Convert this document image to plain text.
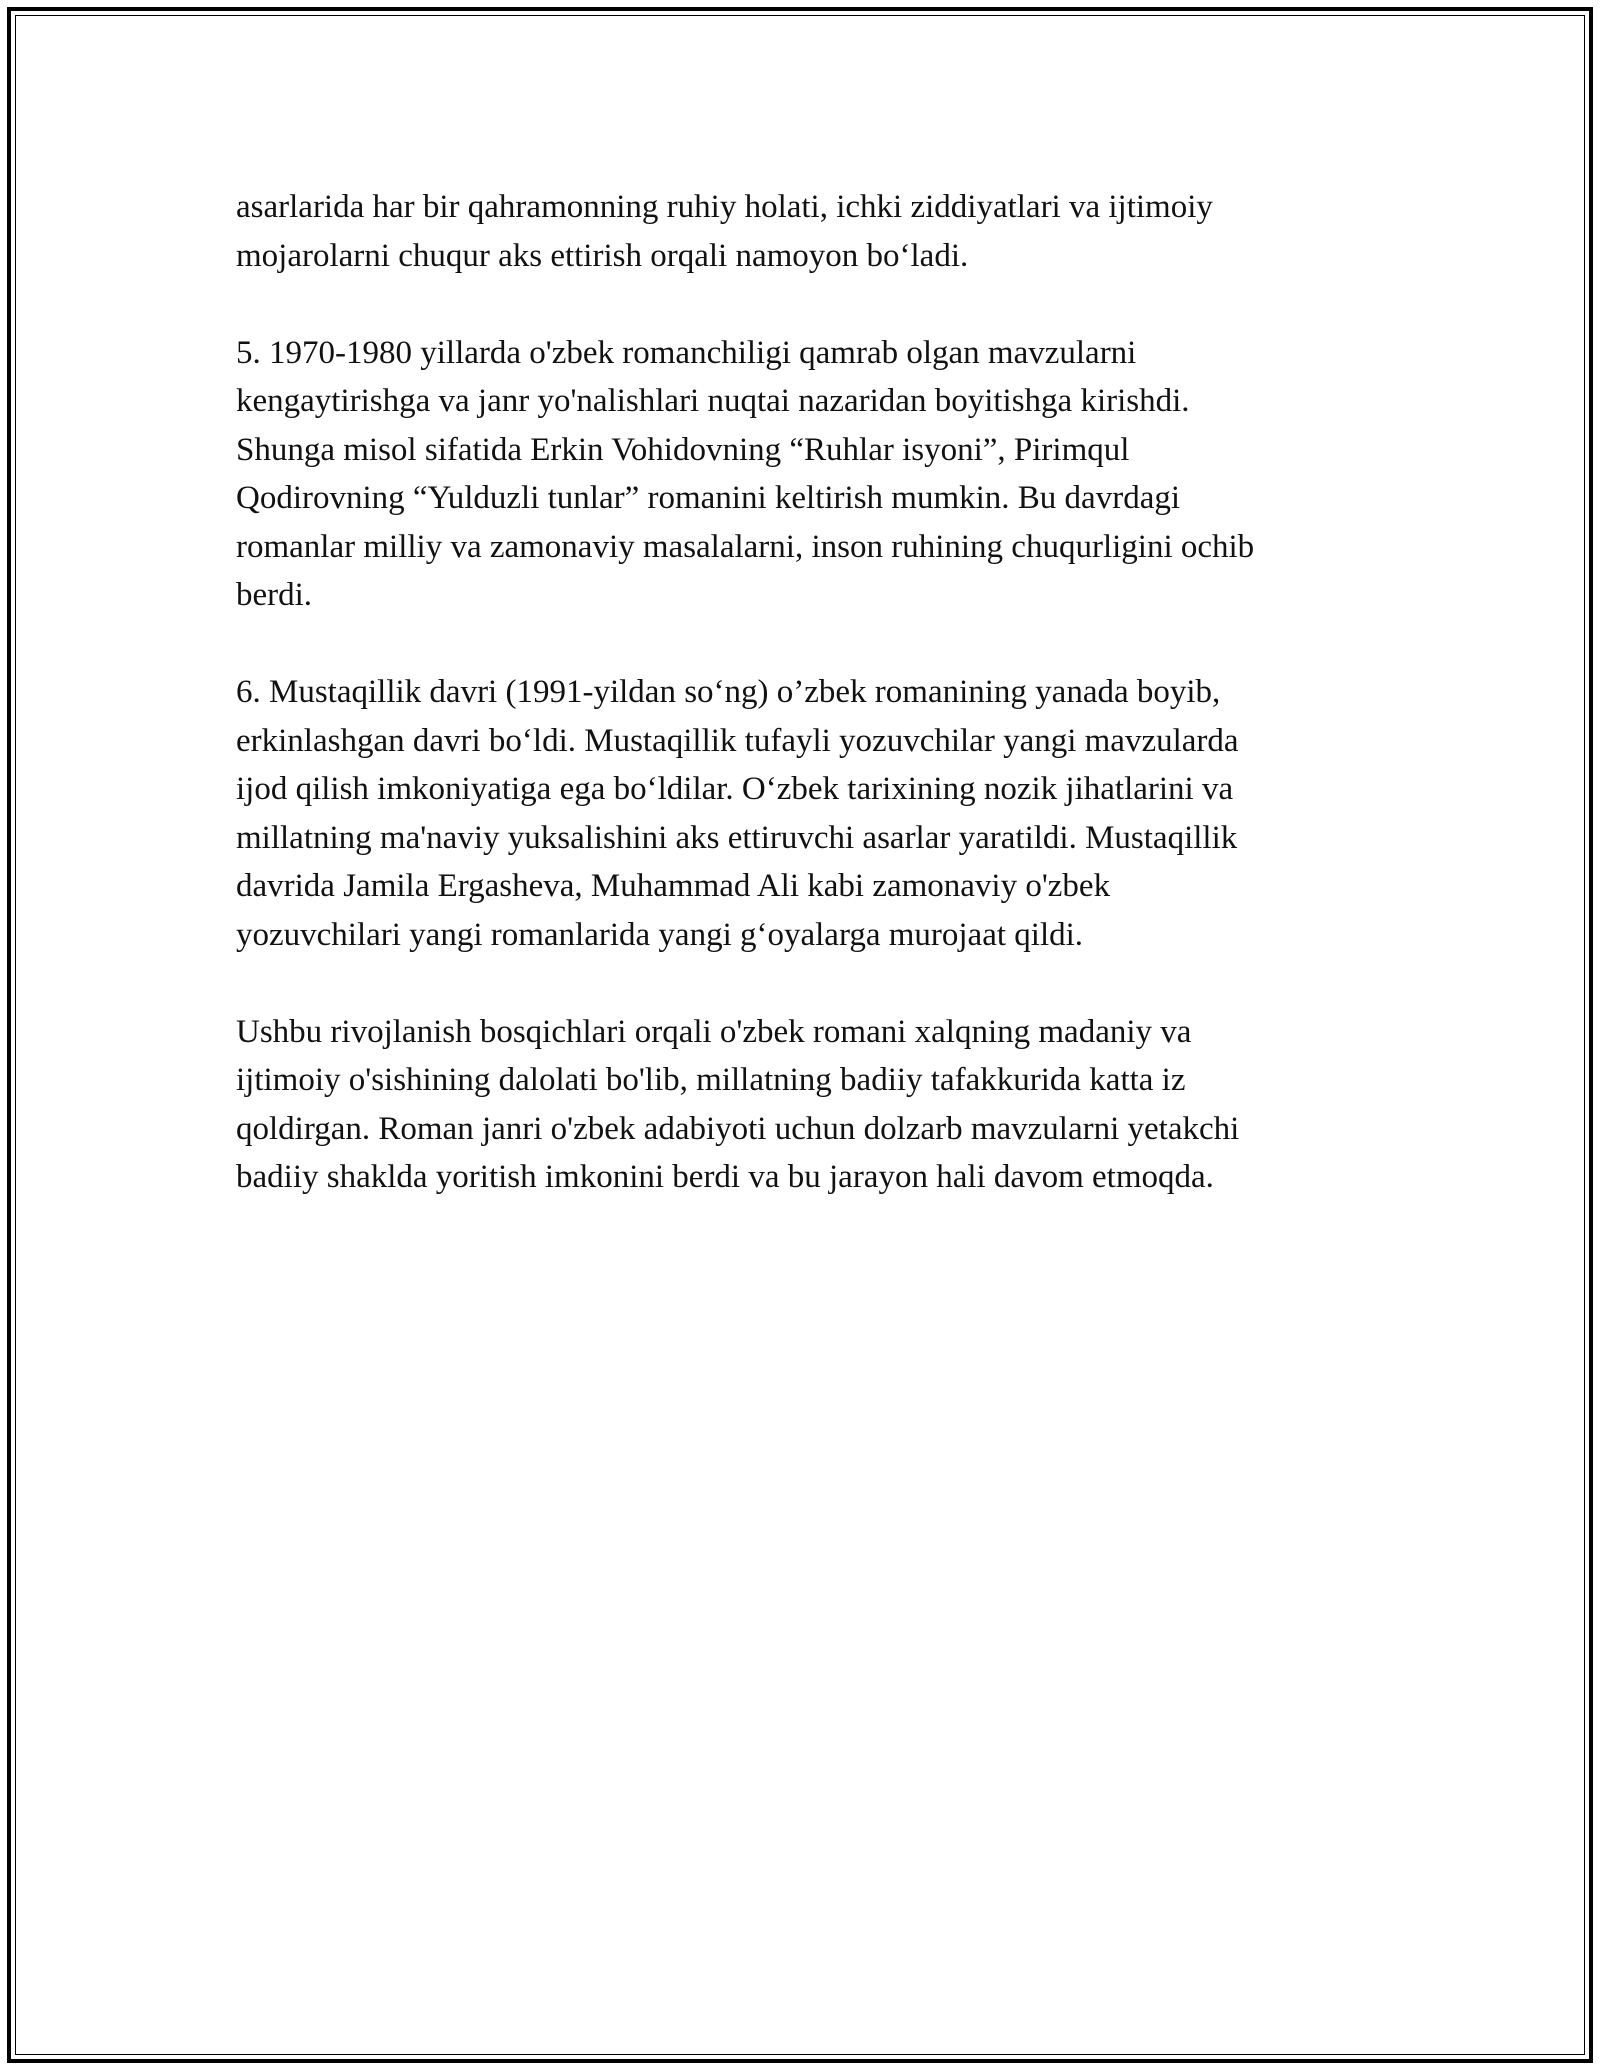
asarlarida har bir qahramonning ruhiy holati, ichki ziddiyatlari va ijtimoiy
mojarolarni chuqur aks ettirish orqali namoyon bo‘ladi.

5. 1970-1980 yillarda o'zbek romanchiligi qamrab olgan mavzularni
kengaytirishga va janr yo'nalishlari nuqtai nazaridan boyitishga kirishdi.
Shunga misol sifatida Erkin Vohidovning “Ruhlar isyoni”, Pirimqul
Qodirovning “Yulduzli tunlar” romanini keltirish mumkin. Bu davrdagi
romanlar milliy va zamonaviy masalalarni, inson ruhining chuqurligini ochib
berdi.

6. Mustaqillik davri (1991-yildan so‘ng) o’zbek romanining yanada boyib,
erkinlashgan davri bo‘ldi. Mustaqillik tufayli yozuvchilar yangi mavzularda
ijod qilish imkoniyatiga ega bo‘ldilar. O‘zbek tarixining nozik jihatlarini va
millatning ma'naviy yuksalishini aks ettiruvchi asarlar yaratildi. Mustaqillik
davrida Jamila Ergasheva, Muhammad Ali kabi zamonaviy o'zbek
yozuvchilari yangi romanlarida yangi g‘oyalarga murojaat qildi.

Ushbu rivojlanish bosqichlari orqali o'zbek romani xalqning madaniy va
ijtimoiy o'sishining dalolati bo'lib, millatning badiiy tafakkurida katta iz
qoldirgan. Roman janri o'zbek adabiyoti uchun dolzarb mavzularni yetakchi
badiiy shaklda yoritish imkonini berdi va bu jarayon hali davom etmoqda.
